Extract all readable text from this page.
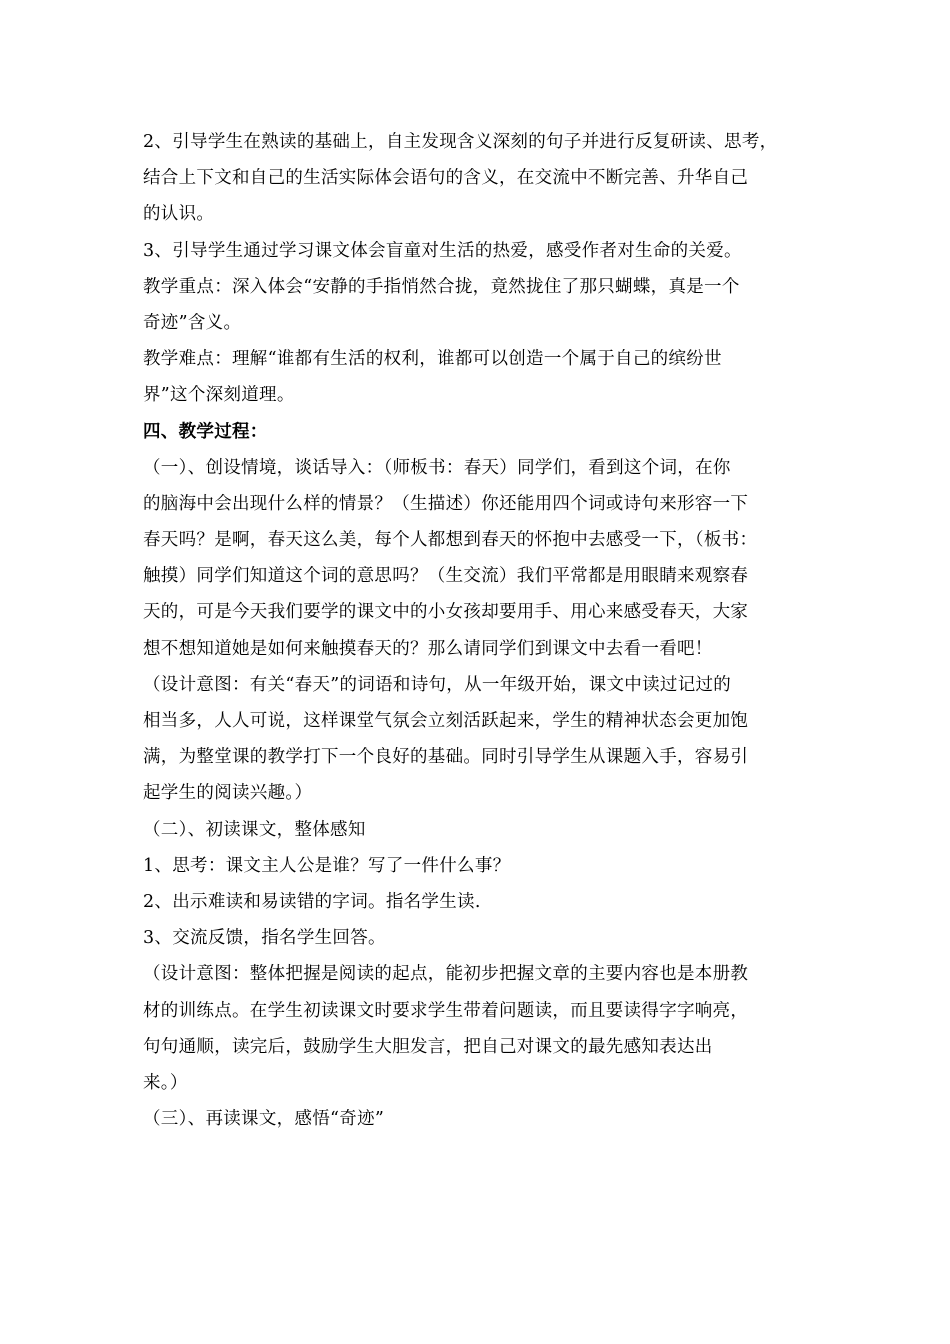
2、引导学生在熟读的基础上，自主发现含义深刻的句子并进行反复研读、思考，
结合上下文和自己的生活实际体会语句的含义，在交流中不断完善、升华自己
的认识。
3、引导学生通过学习课文体会盲童对生活的热爱，感受作者对生命的关爱。
教学重点：深入体会“安静的手指悄然合拢，竟然拢住了那只蝴蝶，真是一个
奇迹”含义。
教学难点：理解“谁都有生活的权利，谁都可以创造一个属于自己的缤纷世
界”这个深刻道理。
四、教学过程：
（一）、创设情境，谈话导入：（师板书：春天）同学们，看到这个词，在你
的脑海中会出现什么样的情景？（生描述）你还能用四个词或诗句来形容一下
春天吗？是啊，春天这么美，每个人都想到春天的怀抱中去感受一下，（板书：
触摸）同学们知道这个词的意思吗？（生交流）我们平常都是用眼睛来观察春
天的，可是今天我们要学的课文中的小女孩却要用手、用心来感受春天，大家
想不想知道她是如何来触摸春天的？那么请同学们到课文中去看一看吧！
（设计意图：有关“春天”的词语和诗句，从一年级开始，课文中读过记过的
相当多，人人可说，这样课堂气氛会立刻活跃起来，学生的精神状态会更加饱
满，为整堂课的教学打下一个良好的基础。同时引导学生从课题入手，容易引
起学生的阅读兴趣。）
（二）、初读课文，整体感知
1、思考：课文主人公是谁？写了一件什么事？
2、出示难读和易读错的字词。指名学生读.
3、交流反馈，指名学生回答。
（设计意图：整体把握是阅读的起点，能初步把握文章的主要内容也是本册教
材的训练点。在学生初读课文时要求学生带着问题读，而且要读得字字响亮，
句句通顺，读完后，鼓励学生大胆发言，把自己对课文的最先感知表达出
来。）
（三）、再读课文，感悟“奇迹”
